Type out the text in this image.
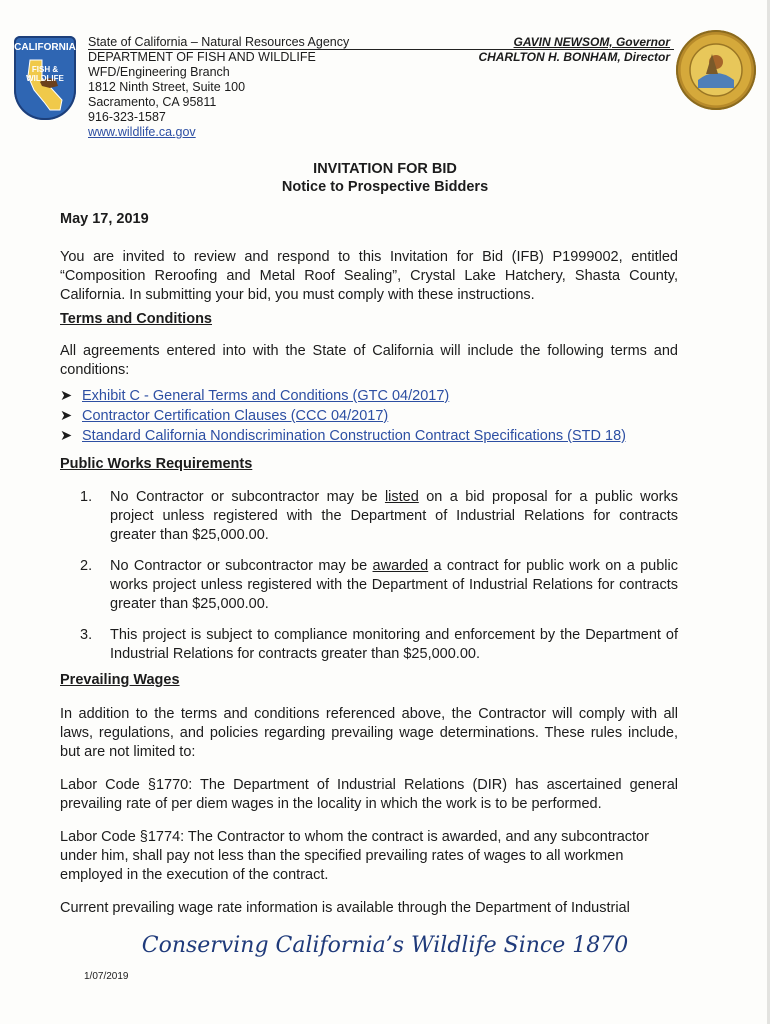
CALIFORNIA
FISH &
WILDLIFE
State of California – Natural Resources Agency
DEPARTMENT OF FISH AND WILDLIFE
WFD/Engineering Branch
1812 Ninth Street, Suite 100
Sacramento, CA 95811
916-323-1587
www.wildlife.ca.gov
GAVIN NEWSOM, Governor
CHARLTON H. BONHAM, Director
INVITATION FOR BID
Notice to Prospective Bidders
May 17, 2019
You are invited to review and respond to this Invitation for Bid (IFB) P1999002, entitled “Composition Reroofing and Metal Roof Sealing”, Crystal Lake Hatchery, Shasta County, California. In submitting your bid, you must comply with these instructions.
Terms and Conditions
All agreements entered into with the State of California will include the following terms and conditions:
➤ Exhibit C - General Terms and Conditions (GTC 04/2017)
➤ Contractor Certification Clauses (CCC 04/2017)
➤ Standard California Nondiscrimination Construction Contract Specifications (STD 18)
Public Works Requirements
1. No Contractor or subcontractor may be listed on a bid proposal for a public works project unless registered with the Department of Industrial Relations for contracts greater than $25,000.00.
2. No Contractor or subcontractor may be awarded a contract for public work on a public works project unless registered with the Department of Industrial Relations for contracts greater than $25,000.00.
3. This project is subject to compliance monitoring and enforcement by the Department of Industrial Relations for contracts greater than $25,000.00.
Prevailing Wages
In addition to the terms and conditions referenced above, the Contractor will comply with all laws, regulations, and policies regarding prevailing wage determinations. These rules include, but are not limited to:
Labor Code §1770: The Department of Industrial Relations (DIR) has ascertained general prevailing rate of per diem wages in the locality in which the work is to be performed.
Labor Code §1774: The Contractor to whom the contract is awarded, and any subcontractor under him, shall pay not less than the specified prevailing rates of wages to all workmen employed in the execution of the contract.
Current prevailing wage rate information is available through the Department of Industrial
Conserving California’s Wildlife Since 1870
1/07/2019
